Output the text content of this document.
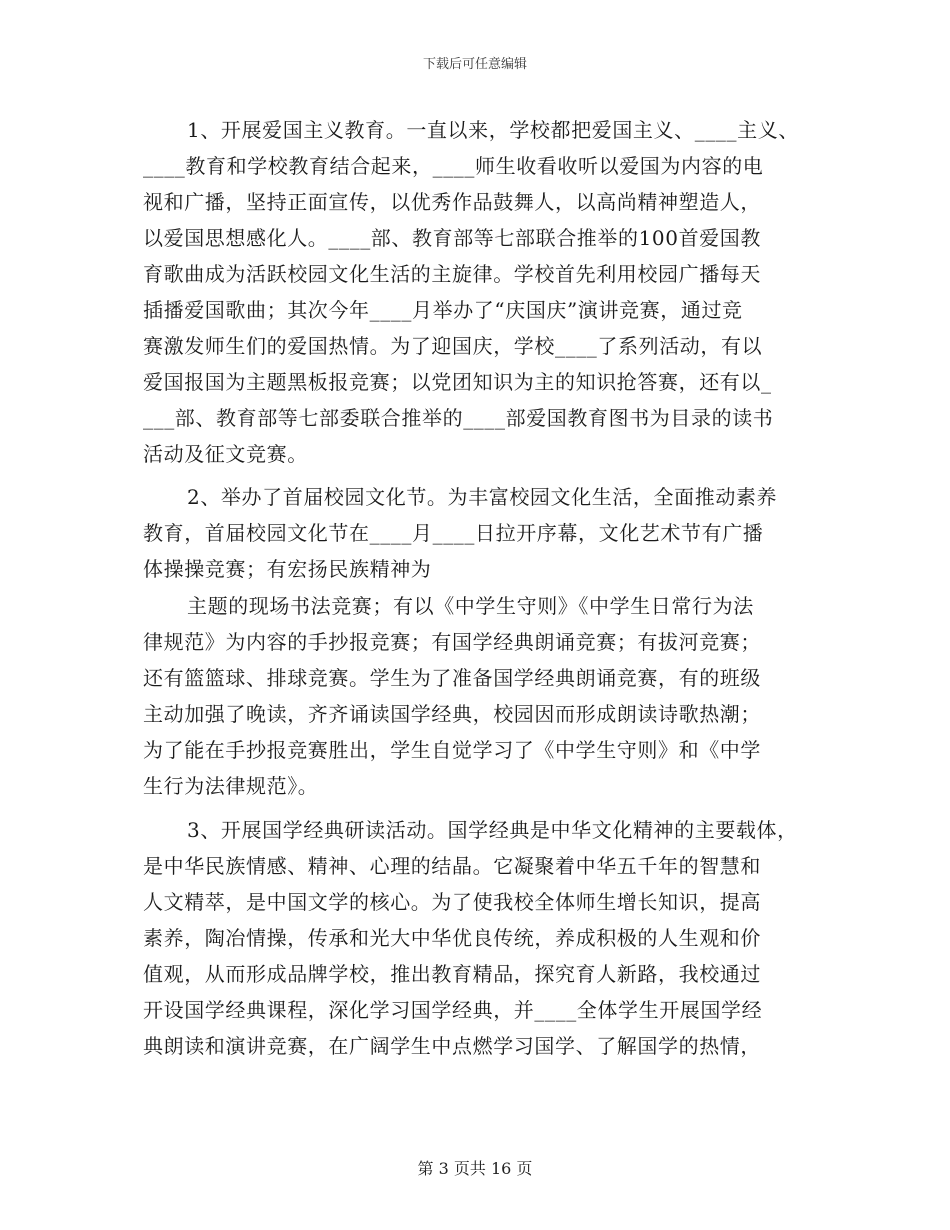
下载后可任意编辑
1、开展爱国主义教育。一直以来，学校都把爱国主义、____主义、
____教育和学校教育结合起来，____师生收看收听以爱国为内容的电
视和广播，坚持正面宣传，以优秀作品鼓舞人，以高尚精神塑造人，
以爱国思想感化人。____部、教育部等七部联合推举的100首爱国教
育歌曲成为活跃校园文化生活的主旋律。学校首先利用校园广播每天
插播爱国歌曲；其次今年____月举办了“庆国庆”演讲竞赛，通过竞
赛激发师生们的爱国热情。为了迎国庆，学校____了系列活动，有以
爱国报国为主题黑板报竞赛；以党团知识为主的知识抢答赛，还有以_
___部、教育部等七部委联合推举的____部爱国教育图书为目录的读书
活动及征文竞赛。
2、举办了首届校园文化节。为丰富校园文化生活，全面推动素养
教育，首届校园文化节在____月____日拉开序幕，文化艺术节有广播
体操操竞赛；有宏扬民族精神为
主题的现场书法竞赛；有以《中学生守则》《中学生日常行为法
律规范》为内容的手抄报竞赛；有国学经典朗诵竞赛；有拔河竞赛；
还有篮篮球、排球竞赛。学生为了准备国学经典朗诵竞赛，有的班级
主动加强了晚读，齐齐诵读国学经典，校园因而形成朗读诗歌热潮；
为了能在手抄报竞赛胜出，学生自觉学习了《中学生守则》和《中学
生行为法律规范》。
3、开展国学经典研读活动。国学经典是中华文化精神的主要载体，
是中华民族情感、精神、心理的结晶。它凝聚着中华五千年的智慧和
人文精萃，是中国文学的核心。为了使我校全体师生增长知识，提高
素养，陶冶情操，传承和光大中华优良传统，养成积极的人生观和价
值观，从而形成品牌学校，推出教育精品，探究育人新路，我校通过
开设国学经典课程，深化学习国学经典，并____全体学生开展国学经
典朗读和演讲竞赛，在广阔学生中点燃学习国学、了解国学的热情，
第 3 页共 16 页
